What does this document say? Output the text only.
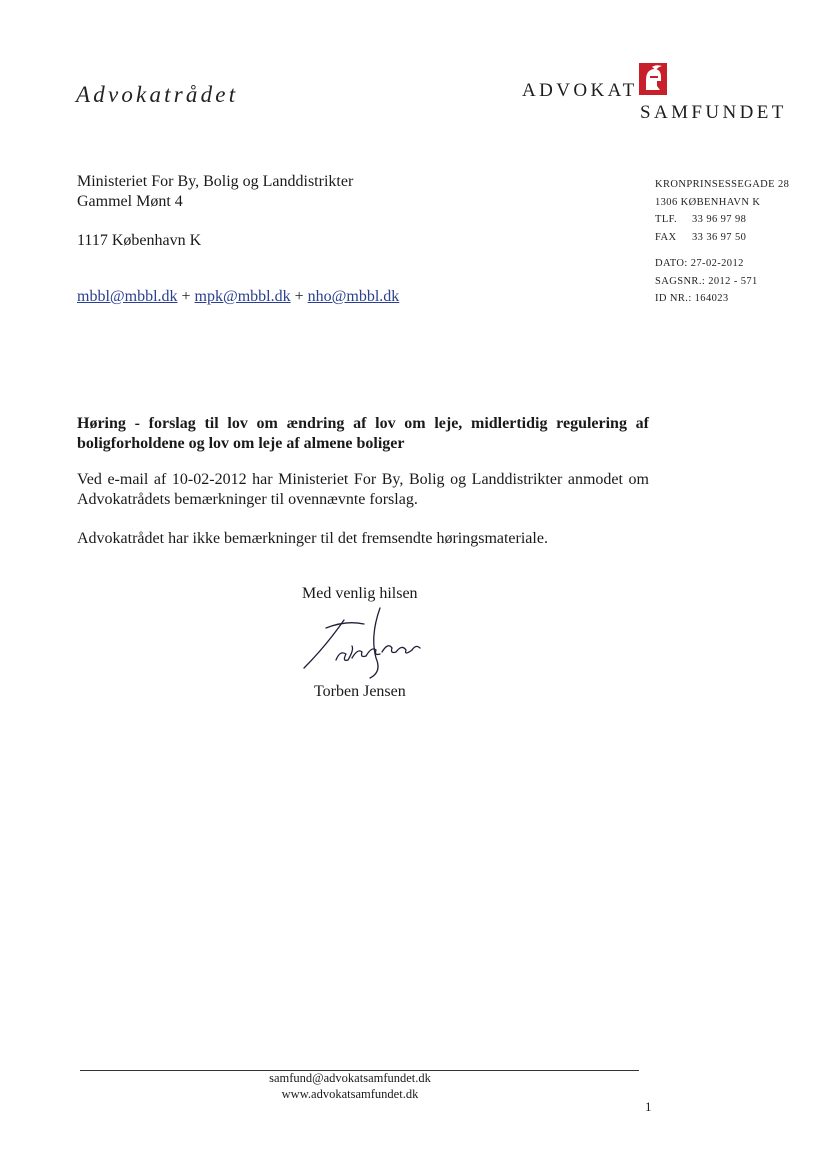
Advokatrådet	ADVOKAT
SAMFUNDET
Ministeriet For By, Bolig og Landdistrikter
Gammel Mønt 4
1117 København K
mbbl@mbbl.dk + mpk@mbbl.dk + nho@mbbl.dk
KRONPRINSESSEGADE 28
1306 KØBENHAVN K
TLF. 33 96 97 98
FAX 33 36 97 50
DATO: 27-02-2012
SAGSNR.: 2012 - 571
ID NR.: 164023
Høring - forslag til lov om ændring af lov om leje, midlertidig regulering af boligforholdene og lov om leje af almene boliger
Ved e-mail af 10-02-2012 har Ministeriet For By, Bolig og Landdistrikter anmodet om Advokatrådets bemærkninger til ovennævnte forslag.
Advokatrådet har ikke bemærkninger til det fremsendte høringsmateriale.
Med venlig hilsen
Torben Jensen
samfund@advokatsamfundet.dk
www.advokatsamfundet.dk
1
